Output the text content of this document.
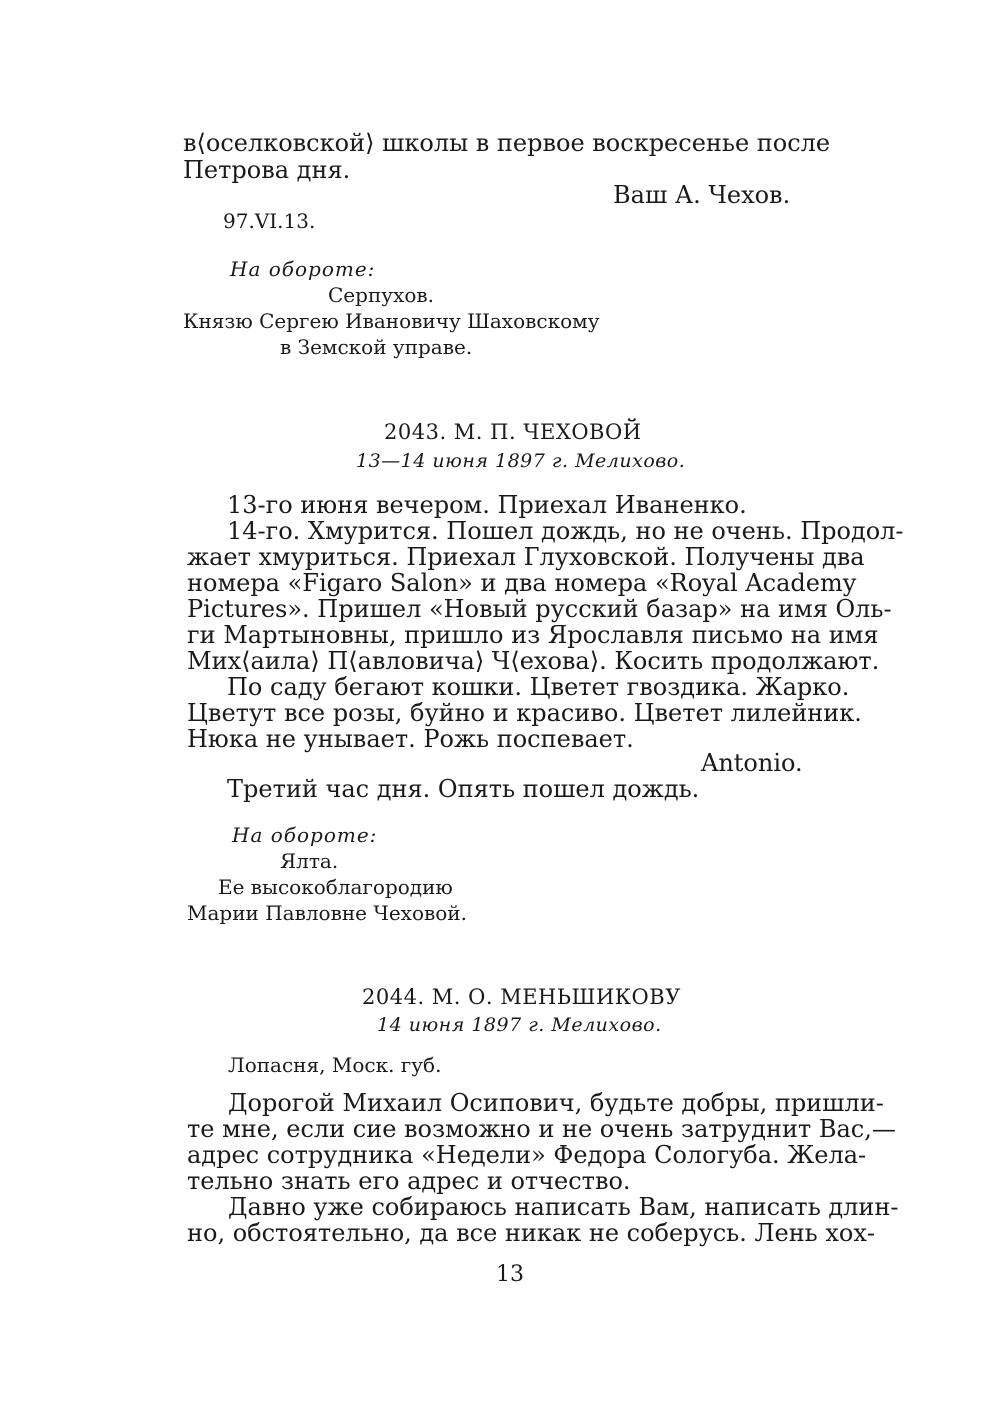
в⟨оселковской⟩ школы в первое воскресенье после
Петрова дня.
Ваш А. Чехов.
97.VI.13.
На обороте:
Серпухов.
Князю Сергею Ивановичу Шаховскому
в Земской управе.
2043. М. П. ЧЕХОВОЙ
13—14 июня 1897 г. Мелихово.
13-го июня вечером. Приехал Иваненко.
14-го. Хмурится. Пошел дождь, но не очень. Продол-
жает хмуриться. Приехал Глуховской. Получены два
номера «Figaro Salon» и два номера «Royal Academy
Pictures». Пришел «Новый русский базар» на имя Оль-
ги Мартыновны, пришло из Ярославля письмо на имя
Мих⟨аила⟩ П⟨авловича⟩ Ч⟨ехова⟩. Косить продолжают.
По саду бегают кошки. Цветет гвоздика. Жарко.
Цветут все розы, буйно и красиво. Цветет лилейник.
Нюка не унывает. Рожь поспевает.
Antonio.
Третий час дня. Опять пошел дождь.
На обороте:
Ялта.
Ее высокоблагородию
Марии Павловне Чеховой.
2044. М. О. МЕНЬШИКОВУ
14 июня 1897 г. Мелихово.
Лопасня, Моск. губ.
Дорогой Михаил Осипович, будьте добры, пришли-
те мне, если сие возможно и не очень затруднит Вас,—
адрес сотрудника «Недели» Федора Сологуба. Жела-
тельно знать его адрес и отчество.
Давно уже собираюсь написать Вам, написать длин-
но, обстоятельно, да все никак не соберусь. Лень хох-
13
